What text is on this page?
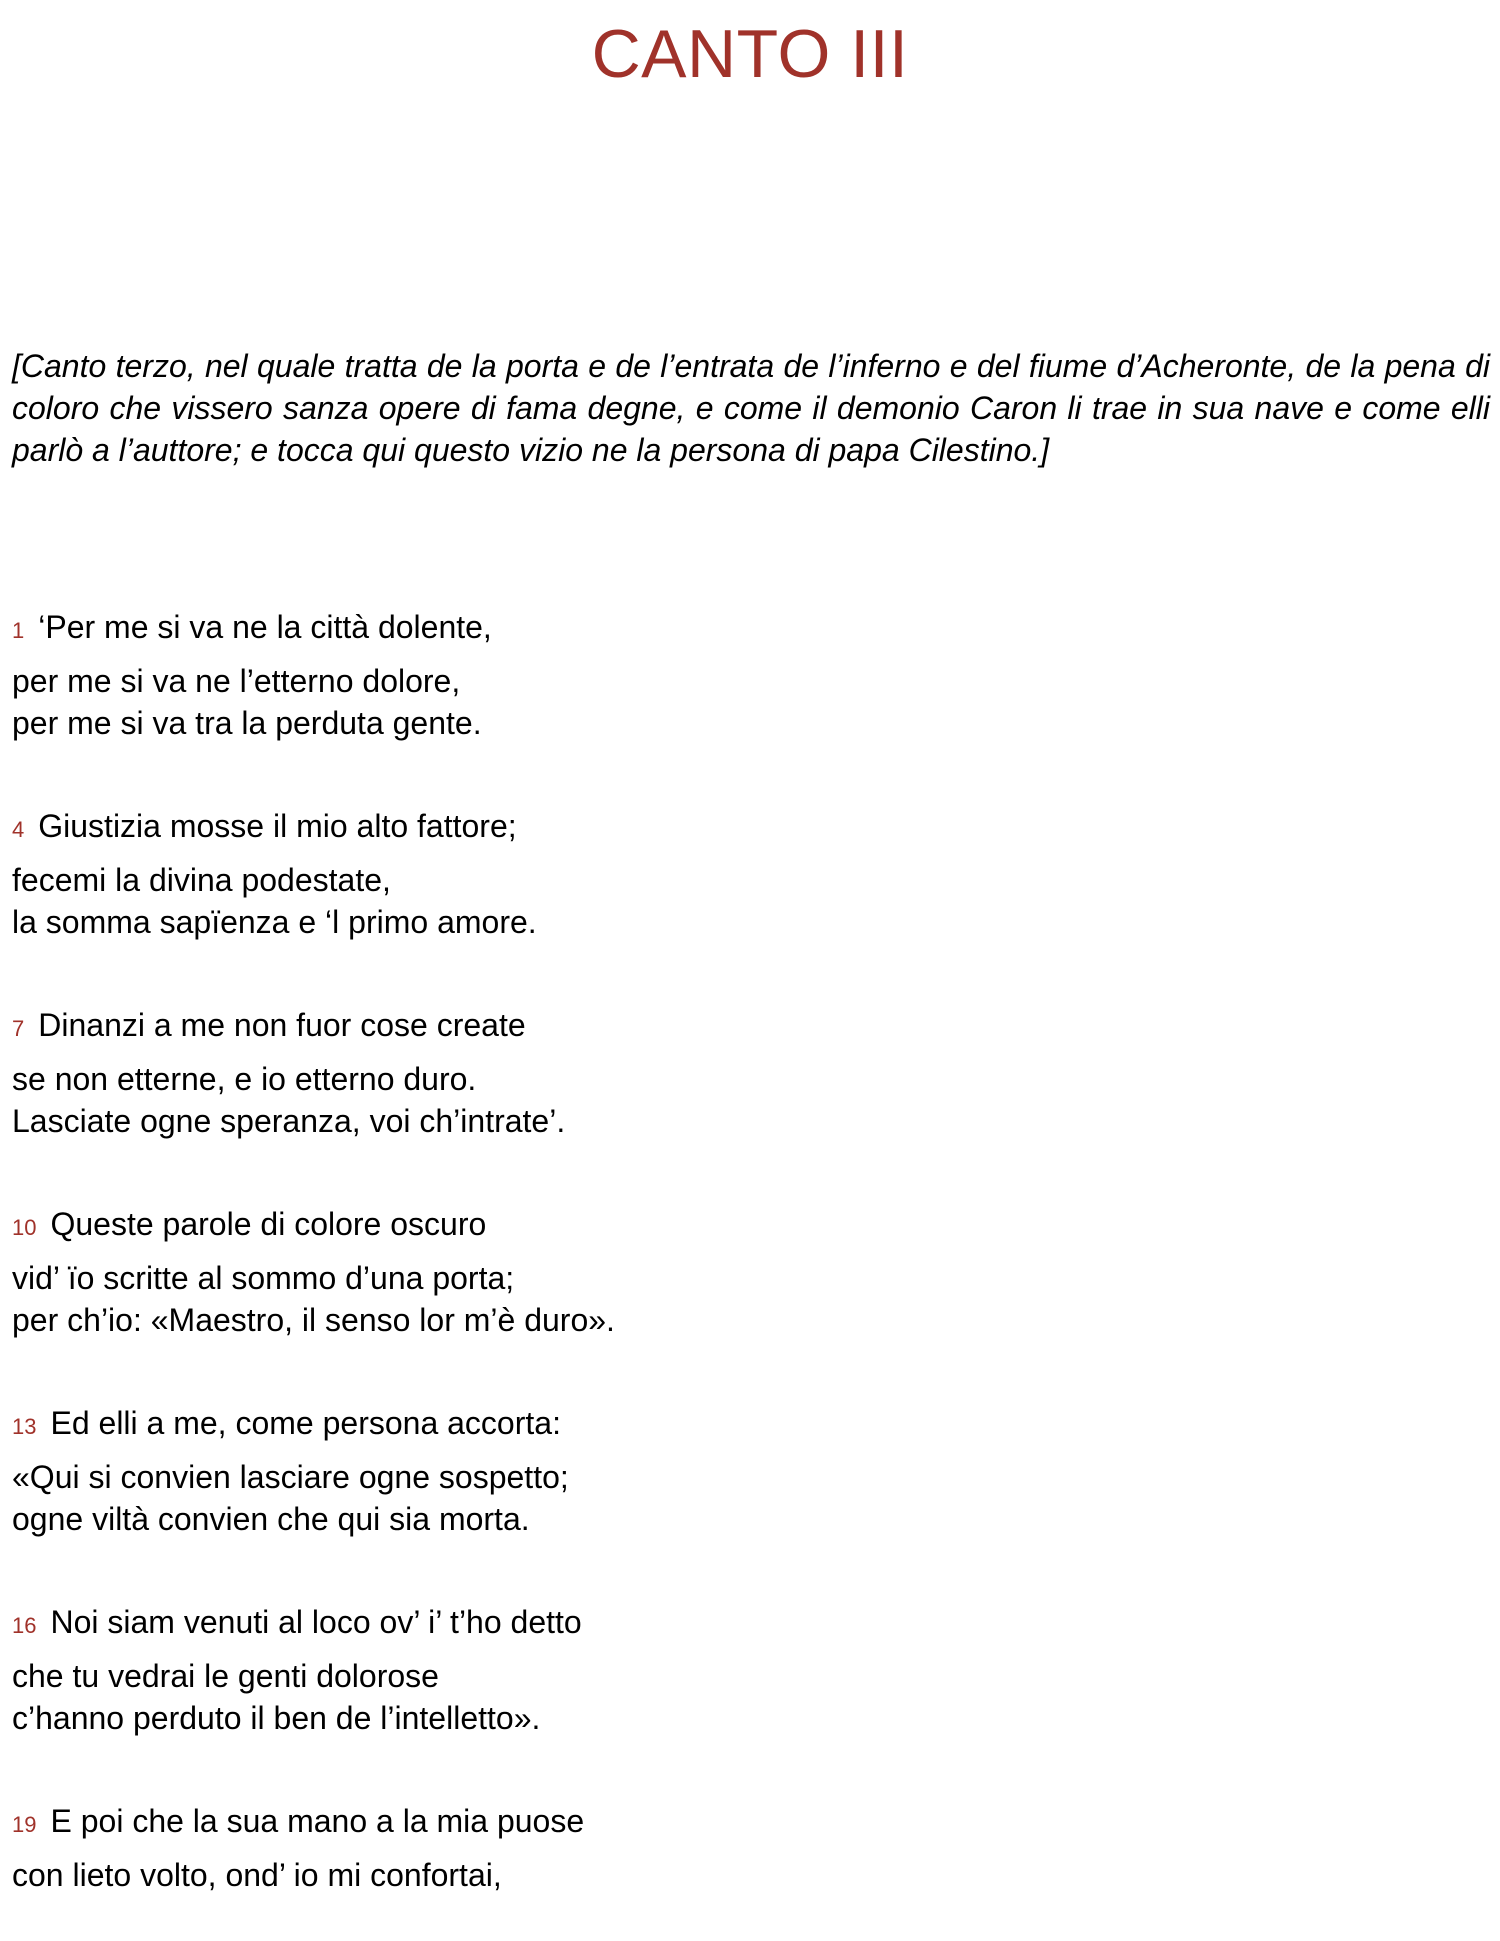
CANTO III

[Canto terzo, nel quale tratta de la porta e de l’entrata de l’inferno e del fiume d’Acheronte, de la pena di coloro che vissero sanza opere di fama degne, e come il demonio Caron li trae in sua nave e come elli parlò a l’auttore; e tocca qui questo vizio ne la persona di papa Cilestino.]

1 ‘Per me si va ne la città dolente,
per me si va ne l’etterno dolore,
per me si va tra la perduta gente.
4 Giustizia mosse il mio alto fattore;
fecemi la divina podestate,
la somma sapïenza e ‘l primo amore.
7 Dinanzi a me non fuor cose create
se non etterne, e io etterno duro.
Lasciate ogne speranza, voi ch’intrate’.
10 Queste parole di colore oscuro
vid’ ïo scritte al sommo d’una porta;
per ch’io: «Maestro, il senso lor m’è duro».
13 Ed elli a me, come persona accorta:
«Qui si convien lasciare ogne sospetto;
ogne viltà convien che qui sia morta.
16 Noi siam venuti al loco ov’ i’ t’ho detto
che tu vedrai le genti dolorose
c’hanno perduto il ben de l’intelletto».
19 E poi che la sua mano a la mia puose
con lieto volto, ond’ io mi confortai,
